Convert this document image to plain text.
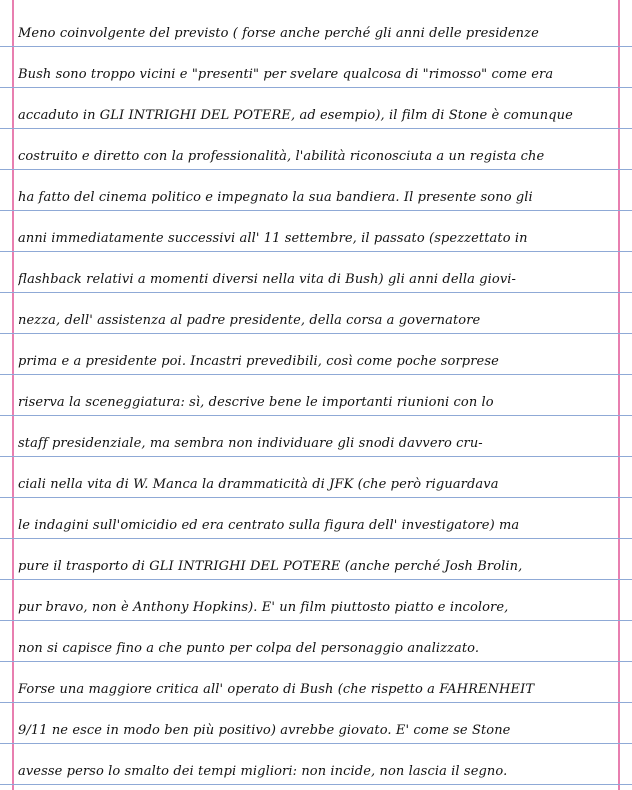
Meno coinvolgente del previsto ( forse anche perché gli anni delle presidenze
Bush sono troppo vicini e "presenti" per svelare qualcosa di "rimosso" come era
accaduto in GLI INTRIGHI DEL POTERE, ad esempio), il film di Stone è comunque
costruito e diretto con la professionalità, l'abilità riconosciuta a un regista che
ha fatto del cinema politico e impegnato la sua bandiera. Il presente sono gli
anni immediatamente successivi all' 11 settembre, il passato (spezzettato in
flashback relativi a momenti diversi nella vita di Bush) gli anni della giovi-
nezza, dell' assistenza al padre presidente, della corsa a governatore
prima e a presidente poi. Incastri prevedibili, così come poche sorprese
riserva la sceneggiatura: sì, descrive bene le importanti riunioni con lo
staff presidenziale, ma sembra non individuare gli snodi davvero cru-
ciali nella vita di W. Manca la drammaticità di JFK (che però riguardava
le indagini sull'omicidio ed era centrato sulla figura dell' investigatore) ma
pure il trasporto di GLI INTRIGHI DEL POTERE (anche perché Josh Brolin,
pur bravo, non è Anthony Hopkins). E' un film piuttosto piatto e incolore,
non si capisce fino a che punto per colpa del personaggio analizzato.
Forse una maggiore critica all' operato di Bush (che rispetto a FAHRENHEIT
9/11 ne esce in modo ben più positivo) avrebbe giovato. E' come se Stone
avesse perso lo smalto dei tempi migliori: non incide, non lascia il segno.
